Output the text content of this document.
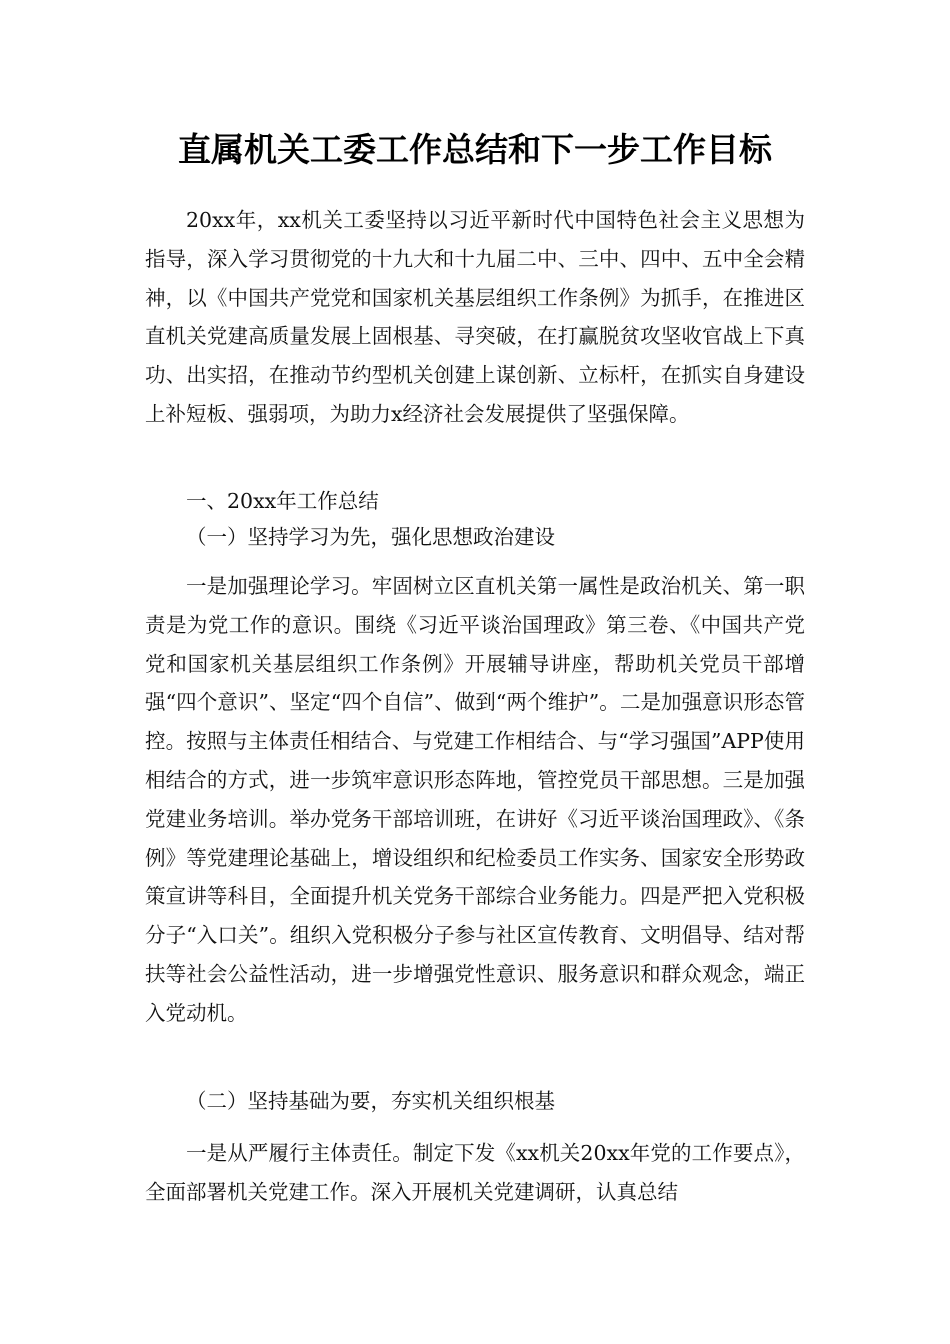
直属机关工委工作总结和下一步工作目标

20xx年，xx机关工委坚持以习近平新时代中国特色社会主义思想为指导，深入学习贯彻党的十九大和十九届二中、三中、四中、五中全会精神，以《中国共产党党和国家机关基层组织工作条例》为抓手，在推进区直机关党建高质量发展上固根基、寻突破，在打赢脱贫攻坚收官战上下真功、出实招，在推动节约型机关创建上谋创新、立标杆，在抓实自身建设上补短板、强弱项，为助力x经济社会发展提供了坚强保障。

一、20xx年工作总结

（一）坚持学习为先，强化思想政治建设

一是加强理论学习。牢固树立区直机关第一属性是政治机关、第一职责是为党工作的意识。围绕《习近平谈治国理政》第三卷、《中国共产党党和国家机关基层组织工作条例》开展辅导讲座，帮助机关党员干部增强“四个意识”、坚定“四个自信”、做到“两个维护”。二是加强意识形态管控。按照与主体责任相结合、与党建工作相结合、与“学习强国”APP使用相结合的方式，进一步筑牢意识形态阵地，管控党员干部思想。三是加强党建业务培训。举办党务干部培训班，在讲好《习近平谈治国理政》、《条例》等党建理论基础上，增设组织和纪检委员工作实务、国家安全形势政策宣讲等科目，全面提升机关党务干部综合业务能力。四是严把入党积极分子“入口关”。组织入党积极分子参与社区宣传教育、文明倡导、结对帮扶等社会公益性活动，进一步增强党性意识、服务意识和群众观念，端正入党动机。

（二）坚持基础为要，夯实机关组织根基

一是从严履行主体责任。制定下发《xx机关20xx年党的工作要点》，全面部署机关党建工作。深入开展机关党建调研，认真总结
